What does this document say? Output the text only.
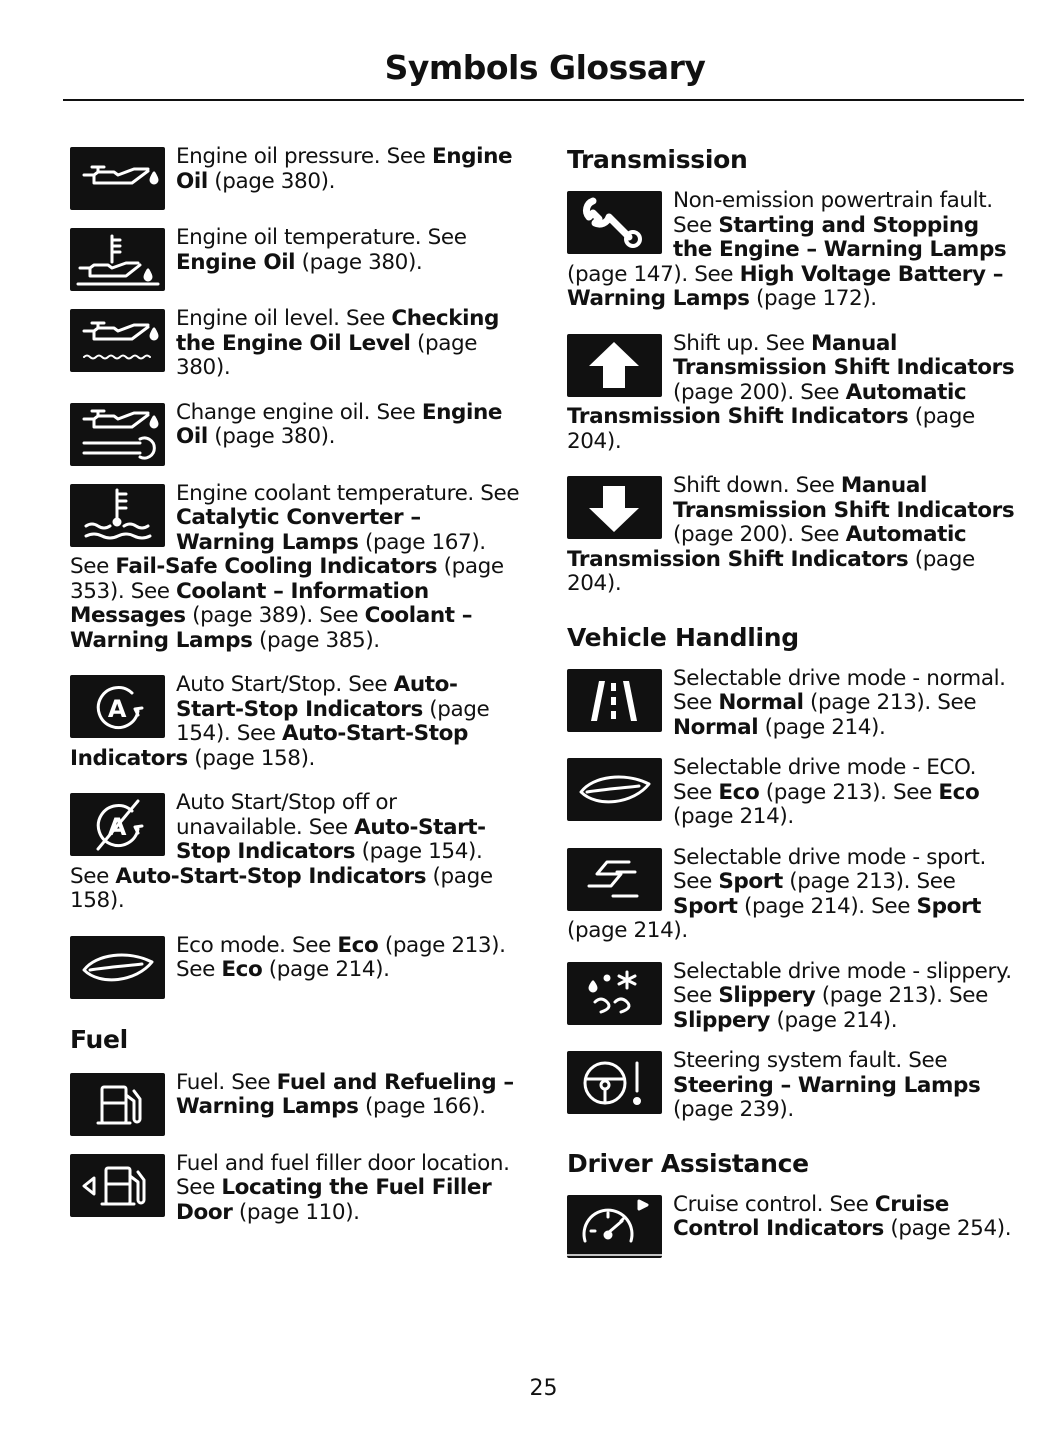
Symbols Glossary
Engine oil pressure. See Engine Oil (page 380).
Engine oil temperature. See Engine Oil (page 380).
Engine oil level. See Checking the Engine Oil Level (page 380).
Change engine oil. See Engine Oil (page 380).
Engine coolant temperature. See Catalytic Converter – Warning Lamps (page 167). See Fail-Safe Cooling Indicators (page 353). See Coolant – Information Messages (page 389). See Coolant – Warning Lamps (page 385).
A
Auto Start/Stop. See Auto-Start-Stop Indicators (page 154). See Auto-Start-Stop Indicators (page 158).
A
Auto Start/Stop off or unavailable. See Auto-Start-Stop Indicators (page 154). See Auto-Start-Stop Indicators (page 158).
Eco mode. See Eco (page 213). See Eco (page 214).
Fuel
Fuel. See Fuel and Refueling – Warning Lamps (page 166).
Fuel and fuel filler door location. See Locating the Fuel Filler Door (page 110).
Transmission
Non-emission powertrain fault. See Starting and Stopping the Engine – Warning Lamps (page 147). See High Voltage Battery – Warning Lamps (page 172).
Shift up. See Manual Transmission Shift Indicators (page 200). See Automatic Transmission Shift Indicators (page 204).
Shift down. See Manual Transmission Shift Indicators (page 200). See Automatic Transmission Shift Indicators (page 204).
Vehicle Handling
Selectable drive mode - normal. See Normal (page 213). See Normal (page 214).
Selectable drive mode - ECO. See Eco (page 213). See Eco (page 214).
Selectable drive mode - sport. See Sport (page 213). See Sport (page 214). See Sport (page 214).
Selectable drive mode - slippery. See Slippery (page 213). See Slippery (page 214).
Steering system fault. See Steering – Warning Lamps (page 239).
Driver Assistance
Cruise control. See Cruise Control Indicators (page 254).
25
